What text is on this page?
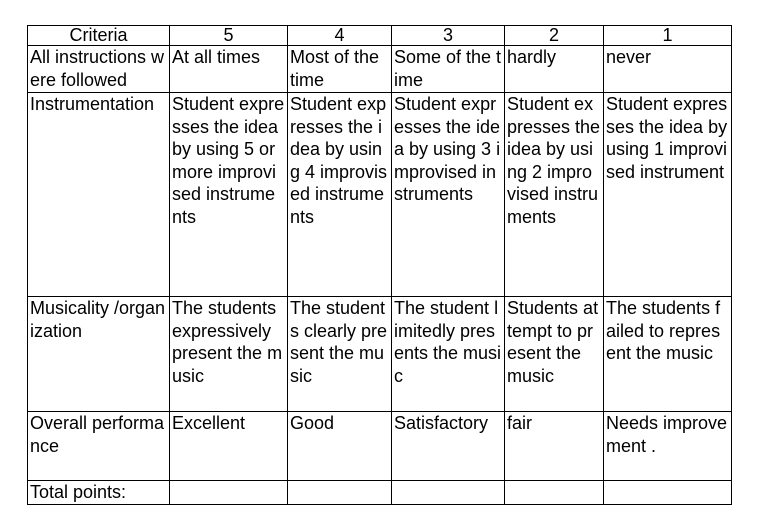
Criteria	5	4	3	2	1
All instructions were followed	At all times	Most of the time	Some of the time	hardly	never
Instrumentation	Student expresses the idea by using 5 or more improvised instruments	Student expresses the idea by using 4 improvised instruments	Student expresses the idea by using 3 improvised instruments	Student expresses the idea by using 2 improvised instruments	Student expresses the idea by using 1 improvised instrument
Musicality /organization	The students expressively present the music	The students clearly present the music	The student limitedly presents the music	Students attempt to present the music	The students failed to represent the music
Overall performance	Excellent	Good	Satisfactory	fair	Needs improvement .
Total points:					
